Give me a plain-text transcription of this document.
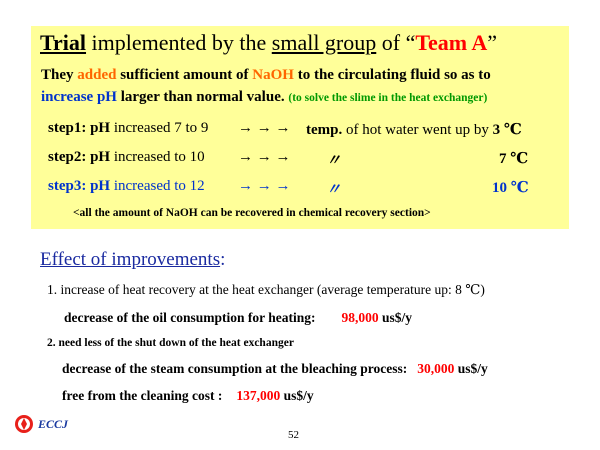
Trial implemented by the small group of “Team A”
They added sufficient amount of NaOH to the circulating fluid so as to
increase pH larger than normal value. (to solve the slime in the heat exchanger)
step1: pH increased 7 to 9 → → → temp. of hot water went up by 3 ℃
step2: pH increased to 10 → → → 〃	7 ℃
step3: pH increased to 12 → → → 〃	10 ℃
<all the amount of NaOH can be recovered in chemical recovery section>
Effect of improvements:
1. increase of heat recovery at the heat exchanger (average temperature up: 8 ℃)
decrease of the oil consumption for heating: 98,000 us$/y
2. need less of the shut down of the heat exchanger
decrease of the steam consumption at the bleaching process: 30,000 us$/y
free from the cleaning cost : 137,000 us$/y
ECCJ
52
